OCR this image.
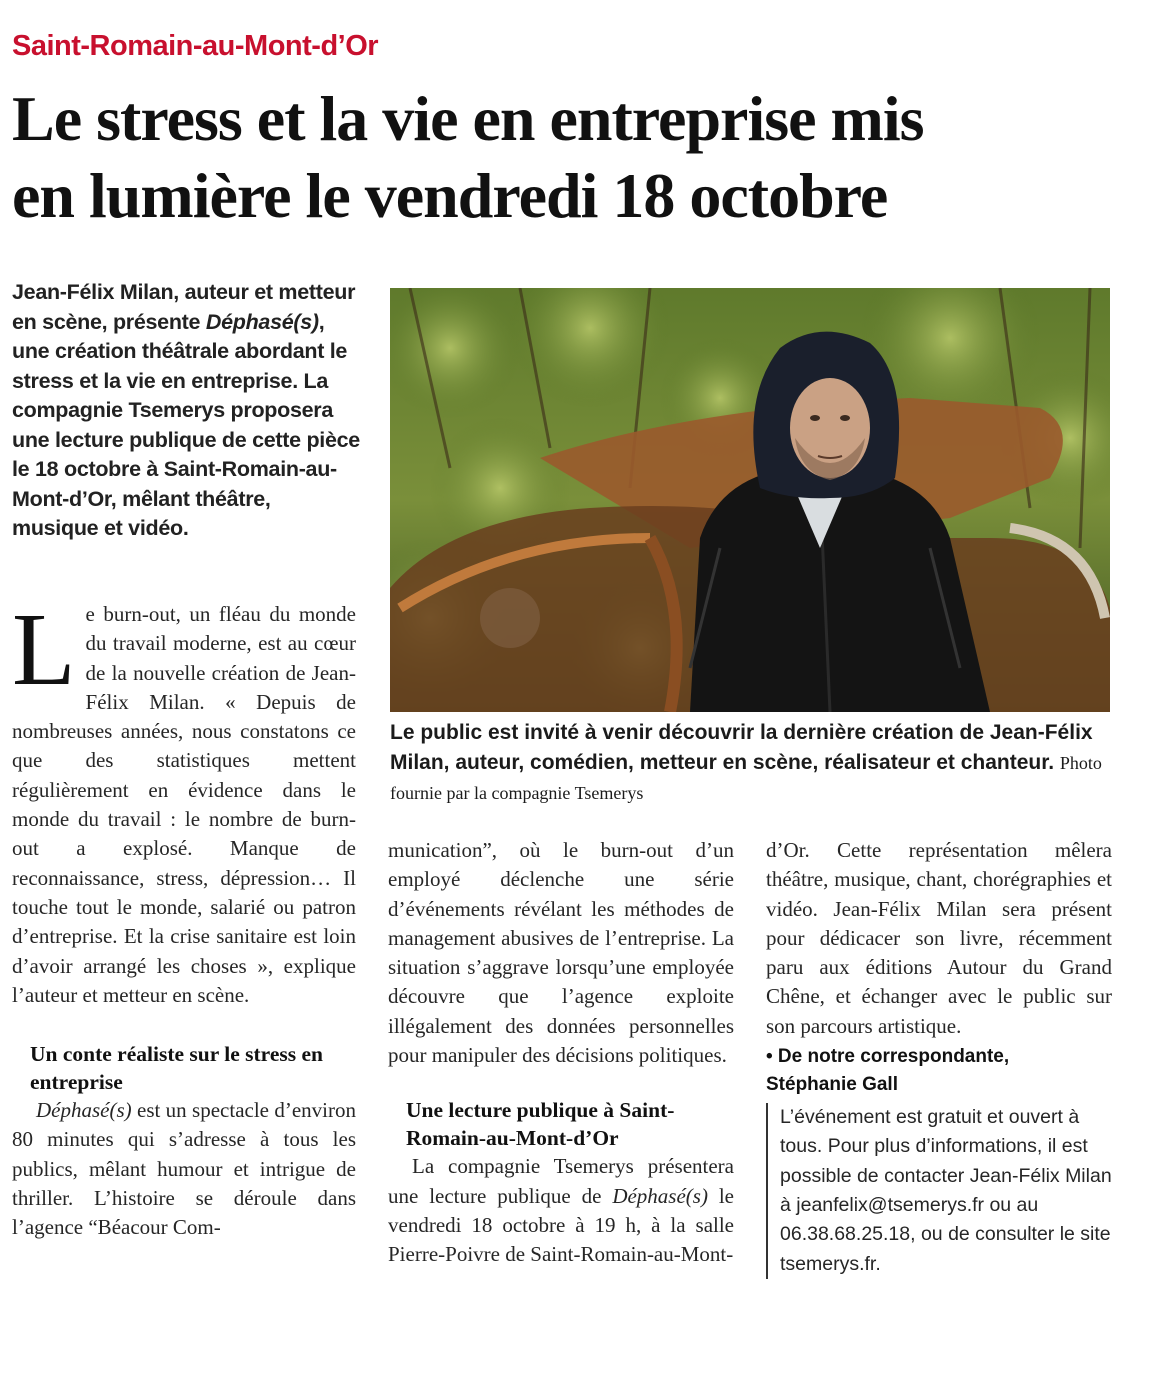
Saint-Romain-au-Mont-d’Or
Le stress et la vie en entreprise mis
en lumière le vendredi 18 octobre

Jean-Félix Milan, auteur et metteur en scène, présente Déphasé(s), une création théâtrale abordant le stress et la vie en entreprise. La compagnie Tsemerys proposera une lecture publique de cette pièce le 18 octobre à Saint-Romain-au-Mont-d’Or, mêlant théâtre, musique et vidéo.

Le public est invité à venir découvrir la dernière création de Jean-Félix Milan, auteur, comédien, metteur en scène, réalisateur et chanteur. Photo fournie par la compagnie Tsemerys

Le burn-out, un fléau du monde du travail moderne, est au cœur de la nouvelle création de Jean-Félix Milan. « Depuis de nombreuses années, nous constatons ce que des statistiques mettent régulièrement en évidence dans le monde du travail : le nombre de burn-out a explosé. Manque de reconnaissance, stress, dépression… Il touche tout le monde, salarié ou patron d’entreprise. Et la crise sanitaire est loin d’avoir arrangé les choses », explique l’auteur et metteur en scène.

Un conte réaliste sur le stress en entreprise

Déphasé(s) est un spectacle d’environ 80 minutes qui s’adresse à tous les publics, mêlant humour et intrigue de thriller. L’histoire se déroule dans l’agence “Béacour Com-

munication”, où le burn-out d’un employé déclenche une série d’événements révélant les méthodes de management abusives de l’entreprise. La situation s’aggrave lorsqu’une employée découvre que l’agence exploite illégalement des données personnelles pour manipuler des décisions politiques.

Une lecture publique à Saint-Romain-au-Mont-d’Or

La compagnie Tsemerys présentera une lecture publique de Déphasé(s) le vendredi 18 octobre à 19 h, à la salle Pierre-Poivre de Saint-Romain-au-Mont-

d’Or. Cette représentation mêlera théâtre, musique, chant, chorégraphies et vidéo. Jean-Félix Milan sera présent pour dédicacer son livre, récemment paru aux éditions Autour du Grand Chêne, et échanger avec le public sur son parcours artistique.

• De notre correspondante,
Stéphanie Gall

L’événement est gratuit et ouvert à tous. Pour plus d’informations, il est possible de contacter Jean-Félix Milan à jeanfelix@tsemerys.fr ou au 06.38.68.25.18, ou de consulter le site tsemerys.fr.
